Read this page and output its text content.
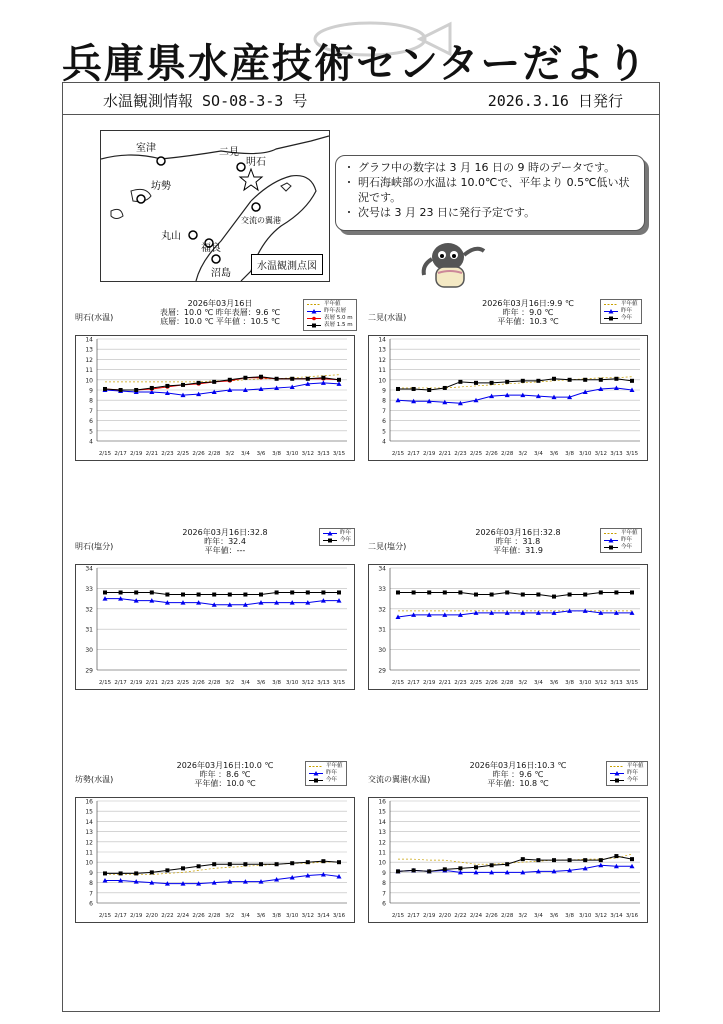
兵庫県水産技術センターだより
水温観測情報 SO-08-3-3 号	2026.3.16 日発行
室津	二見
明石
坊勢
交流の翼港
丸山
福良
沼島
水温観測点図
・ グラフ中の数字は 3 月 16 日の 9 時のデータです。
・ 明石海峡部の水温は 10.0℃で、平年より 0.5℃低い状況です。
・ 次号は 3 月 23 日に発行予定です。
明石(水温)
2026年03月16日
表層：10.0 ℃ 昨年表層：9.6 ℃
底層：10.0 ℃ 平年値 ：10.5 ℃
平年値
昨年表層
表層 5.0 m
表層 1.5 m
4
5
6
7
8
9
10
11
12
13
14
2/15 2/17 2/19 2/21 2/23 2/25 2/26 2/28 3/2 3/4 3/6 3/8 3/10 3/12 3/13 3/15
二見(水温)
2026年03月16日:9.9 ℃
昨年 ：9.0 ℃
平年値：10.3 ℃
平年値
昨年
今年
4
5
6
7
8
9
10
11
12
13
14
2/15 2/17 2/19 2/21 2/23 2/25 2/26 2/28 3/2 3/4 3/6 3/8 3/10 3/12 3/13 3/15
明石(塩分)
2026年03月16日:32.8
昨年：32.4
平年値：---
昨年
今年
29
30
31
32
33
34
2/15 2/17 2/19 2/21 2/23 2/25 2/26 2/28 3/2 3/4 3/6 3/8 3/10 3/12 3/13 3/15
二見(塩分)
2026年03月16日:32.8
昨年 ：31.8
平年値：31.9
平年値
昨年
今年
29
30
31
32
33
34
2/15 2/17 2/19 2/21 2/23 2/25 2/26 2/28 3/2 3/4 3/6 3/8 3/10 3/12 3/13 3/15
坊勢(水温)
2026年03月16日:10.0 ℃
昨年 ：8.6 ℃
平年値：10.0 ℃
平年値
昨年
今年
6
7
8
9
10
11
12
13
14
15
16
2/15 2/17 2/19 2/20 2/22 2/24 2/26 2/28 3/2 3/4 3/6 3/8 3/10 3/12 3/14 3/16
交流の翼港(水温)
2026年03月16日:10.3 ℃
昨年 ：9.6 ℃
平年値：10.8 ℃
平年値
昨年
今年
6
7
8
9
10
11
12
13
14
15
16
2/15 2/17 2/19 2/20 2/22 2/24 2/26 2/28 3/2 3/4 3/6 3/8 3/10 3/12 3/14 3/16
